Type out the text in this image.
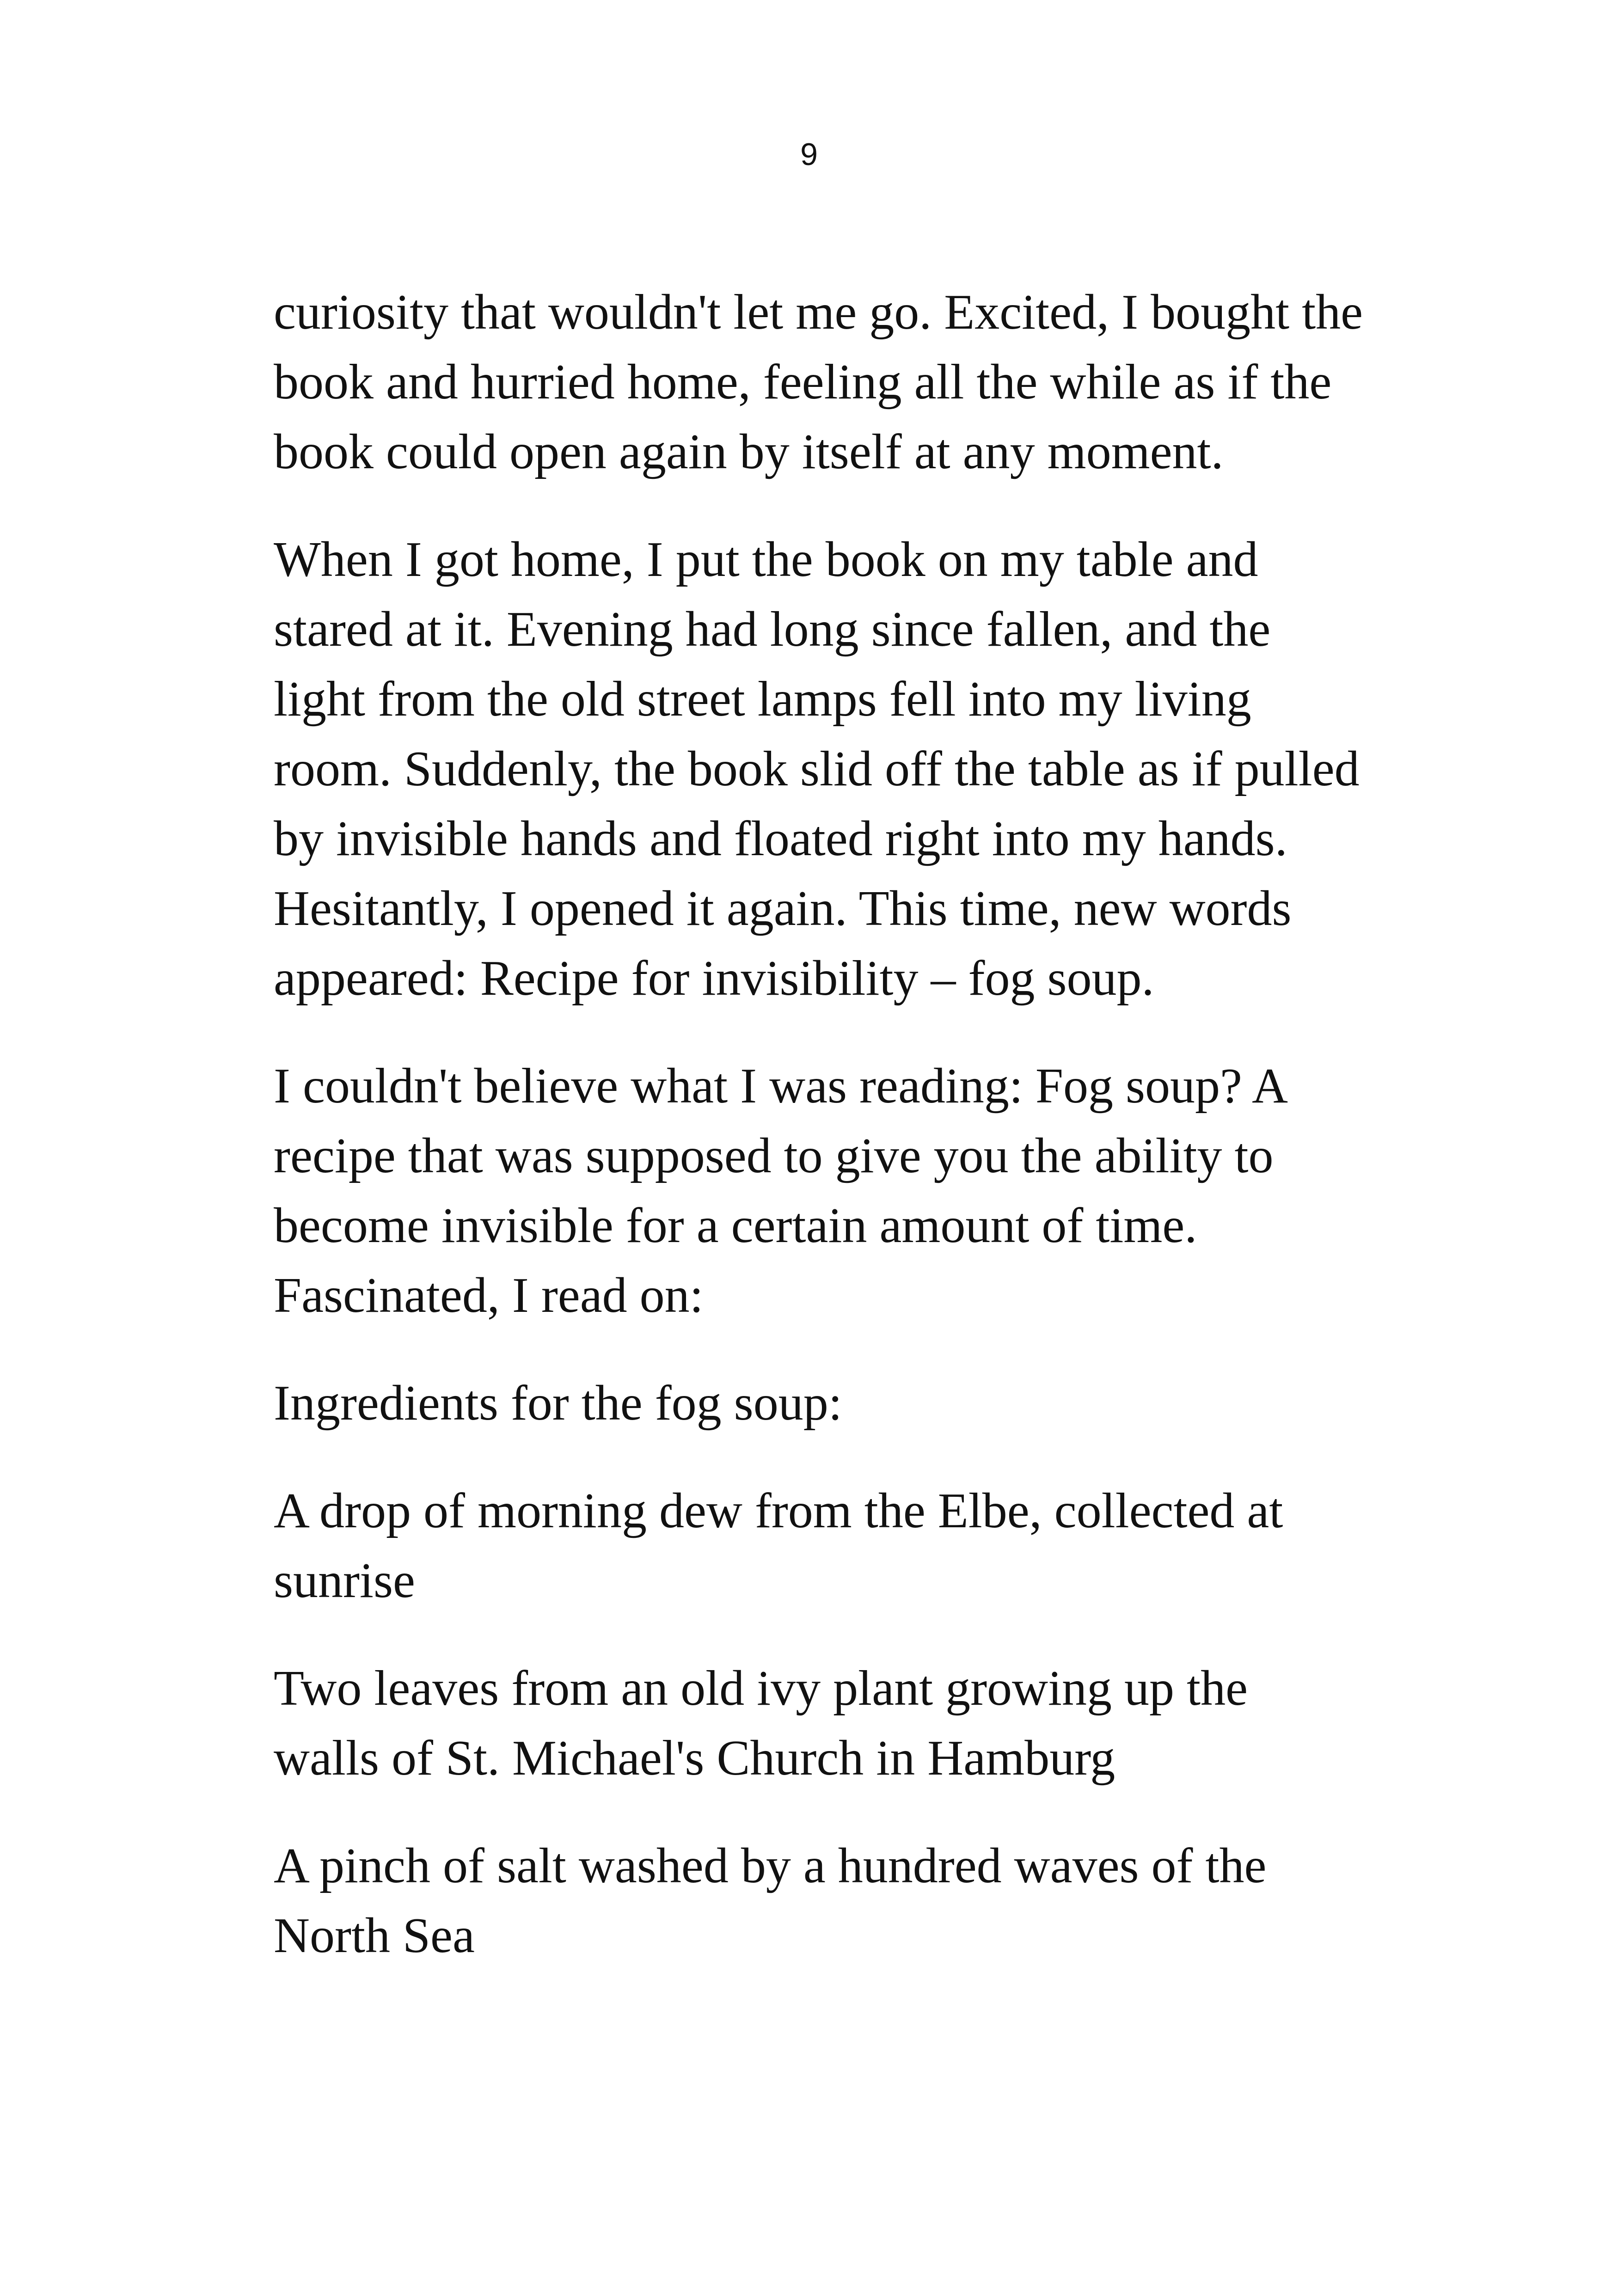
9

curiosity that wouldn't let me go. Excited, I bought the book and hurried home, feeling all the while as if the book could open again by itself at any moment.

When I got home, I put the book on my table and stared at it. Evening had long since fallen, and the light from the old street lamps fell into my living room. Suddenly, the book slid off the table as if pulled by invisible hands and floated right into my hands. Hesitantly, I opened it again. This time, new words appeared: Recipe for invisibility – fog soup.

I couldn't believe what I was reading: Fog soup? A recipe that was supposed to give you the ability to become invisible for a certain amount of time. Fascinated, I read on:

Ingredients for the fog soup:

A drop of morning dew from the Elbe, collected at sunrise

Two leaves from an old ivy plant growing up the walls of St. Michael's Church in Hamburg

A pinch of salt washed by a hundred waves of the North Sea
